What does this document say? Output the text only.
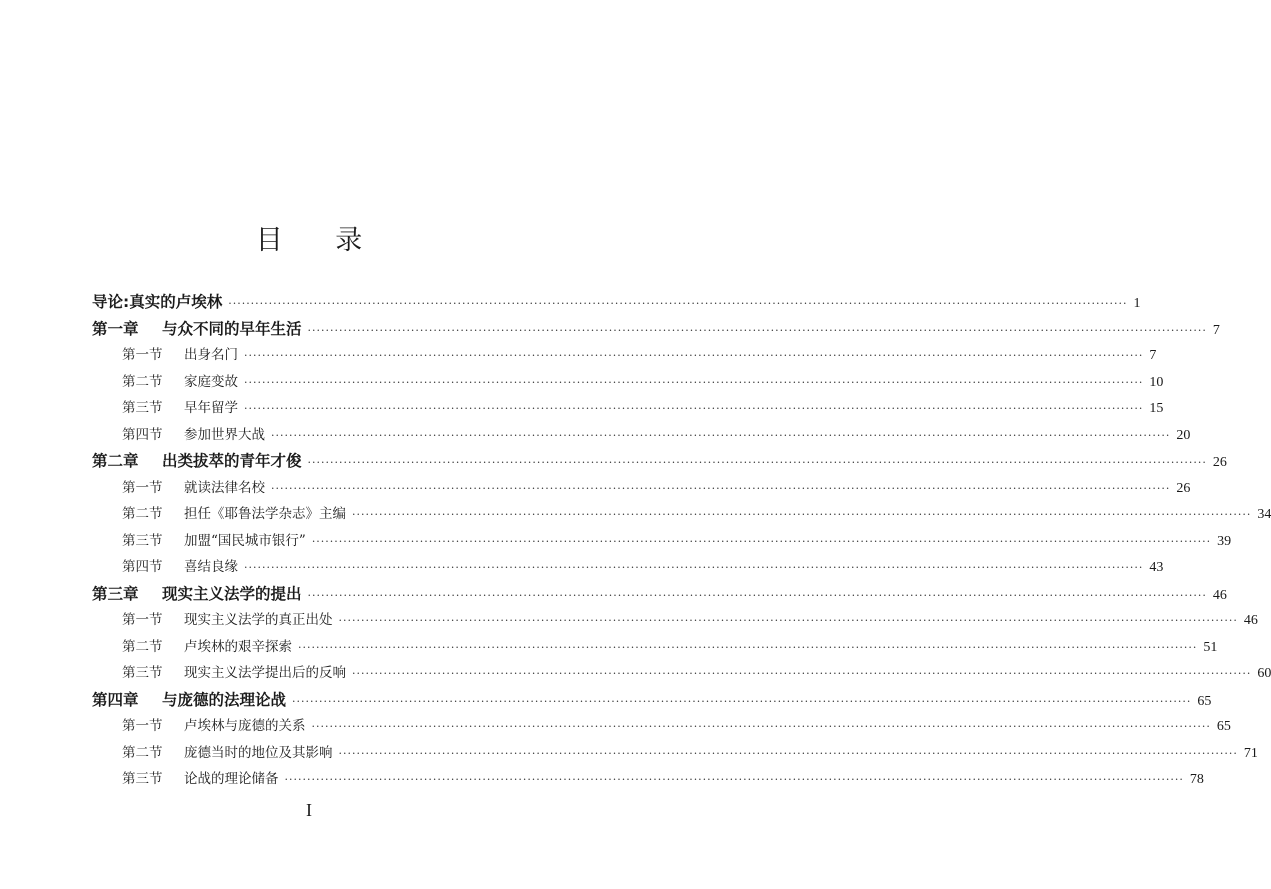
目 录
导论:真实的卢埃林 ········································································································································································································ 1
第一章 与众不同的早年生活 ········································································································································································································ 7
第一节 出身名门 ········································································································································································································ 7
第二节 家庭变故 ········································································································································································································ 10
第三节 早年留学 ········································································································································································································ 15
第四节 参加世界大战 ········································································································································································································ 20
第二章 出类拔萃的青年才俊 ········································································································································································································ 26
第一节 就读法律名校 ········································································································································································································ 26
第二节 担任《耶鲁法学杂志》主编 ········································································································································································································ 34
第三节 加盟“国民城市银行” ········································································································································································································ 39
第四节 喜结良缘 ········································································································································································································ 43
第三章 现实主义法学的提出 ········································································································································································································ 46
第一节 现实主义法学的真正出处 ········································································································································································································ 46
第二节 卢埃林的艰辛探索 ········································································································································································································ 51
第三节 现实主义法学提出后的反响 ········································································································································································································ 60
第四章 与庞德的法理论战 ········································································································································································································ 65
第一节 卢埃林与庞德的关系 ········································································································································································································ 65
第二节 庞德当时的地位及其影响 ········································································································································································································ 71
第三节 论战的理论储备 ········································································································································································································ 78
I
